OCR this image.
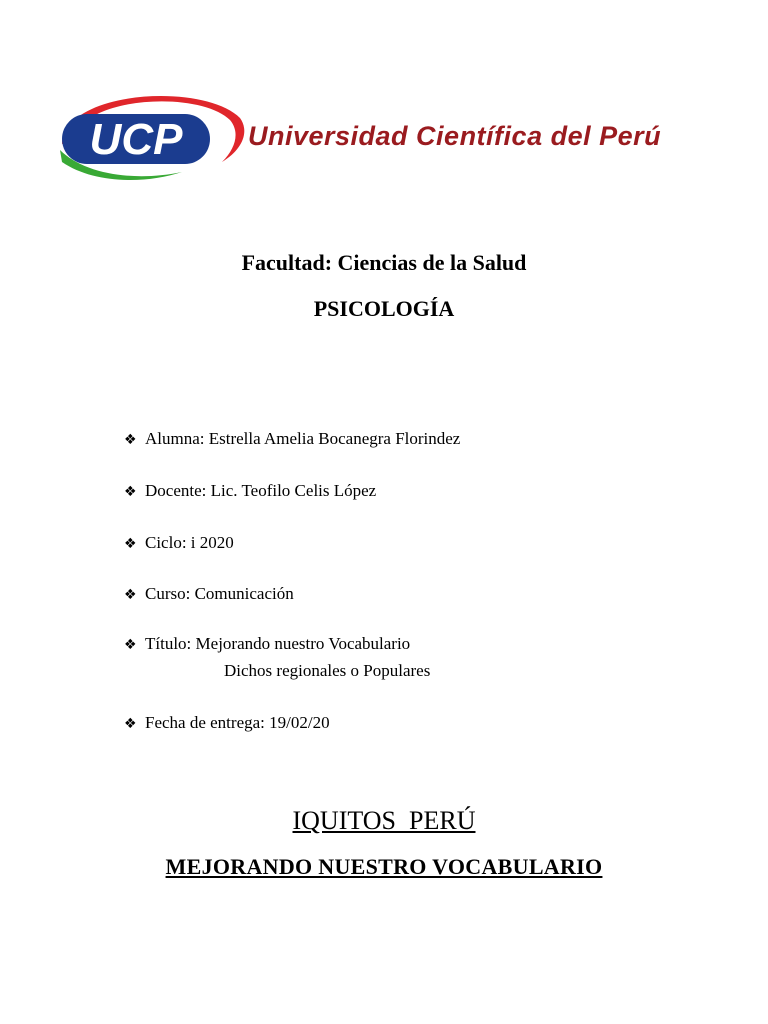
UCP Universidad Científica del Perú
Facultad: Ciencias de la Salud
PSICOLOGÍA
❖ Alumna: Estrella Amelia Bocanegra Florindez
❖ Docente: Lic. Teofilo Celis López
❖ Ciclo: i 2020
❖ Curso: Comunicación
❖ Título: Mejorando nuestro Vocabulario
Dichos regionales o Populares
❖ Fecha de entrega: 19/02/20
IQUITOS_PERÚ
MEJORANDO NUESTRO VOCABULARIO
